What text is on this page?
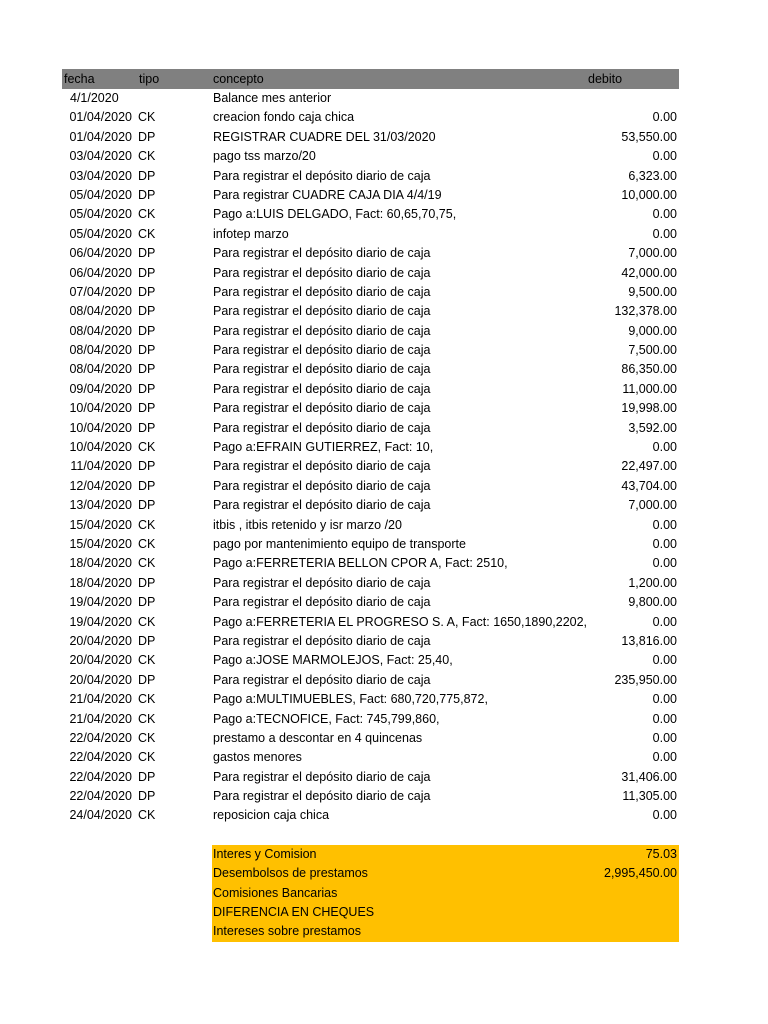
fecha	tipo	concepto	debito
4/1/2020	Balance mes anterior
01/04/2020 CK	creacion fondo caja chica	0.00
01/04/2020 DP	REGISTRAR CUADRE DEL 31/03/2020	53,550.00
03/04/2020 CK	pago tss marzo/20	0.00
03/04/2020 DP	Para registrar el depósito diario de caja	6,323.00
05/04/2020 DP	Para registrar CUADRE CAJA DIA 4/4/19	10,000.00
05/04/2020 CK	Pago a:LUIS DELGADO, Fact: 60,65,70,75,	0.00
05/04/2020 CK	infotep marzo	0.00
06/04/2020 DP	Para registrar el depósito diario de caja	7,000.00
06/04/2020 DP	Para registrar el depósito diario de caja	42,000.00
07/04/2020 DP	Para registrar el depósito diario de caja	9,500.00
08/04/2020 DP	Para registrar el depósito diario de caja	132,378.00
08/04/2020 DP	Para registrar el depósito diario de caja	9,000.00
08/04/2020 DP	Para registrar el depósito diario de caja	7,500.00
08/04/2020 DP	Para registrar el depósito diario de caja	86,350.00
09/04/2020 DP	Para registrar el depósito diario de caja	11,000.00
10/04/2020 DP	Para registrar el depósito diario de caja	19,998.00
10/04/2020 DP	Para registrar el depósito diario de caja	3,592.00
10/04/2020 CK	Pago a:EFRAIN GUTIERREZ, Fact: 10,	0.00
11/04/2020 DP	Para registrar el depósito diario de caja	22,497.00
12/04/2020 DP	Para registrar el depósito diario de caja	43,704.00
13/04/2020 DP	Para registrar el depósito diario de caja	7,000.00
15/04/2020 CK	itbis , itbis retenido y isr marzo /20	0.00
15/04/2020 CK	pago por mantenimiento equipo de transporte	0.00
18/04/2020 CK	Pago a:FERRETERIA BELLON CPOR A, Fact: 2510,	0.00
18/04/2020 DP	Para registrar el depósito diario de caja	1,200.00
19/04/2020 DP	Para registrar el depósito diario de caja	9,800.00
19/04/2020 CK	Pago a:FERRETERIA EL PROGRESO S. A, Fact: 1650,1890,2202,	0.00
20/04/2020 DP	Para registrar el depósito diario de caja	13,816.00
20/04/2020 CK	Pago a:JOSE MARMOLEJOS, Fact: 25,40,	0.00
20/04/2020 DP	Para registrar el depósito diario de caja	235,950.00
21/04/2020 CK	Pago a:MULTIMUEBLES, Fact: 680,720,775,872,	0.00
21/04/2020 CK	Pago a:TECNOFICE, Fact: 745,799,860,	0.00
22/04/2020 CK	prestamo a descontar en 4 quincenas	0.00
22/04/2020 CK	gastos menores	0.00
22/04/2020 DP	Para registrar el depósito diario de caja	31,406.00
22/04/2020 DP	Para registrar el depósito diario de caja	11,305.00
24/04/2020 CK	reposicion caja chica	0.00
Interes y Comision	75.03
Desembolsos de prestamos	2,995,450.00
Comisiones Bancarias
DIFERENCIA EN CHEQUES
Intereses sobre prestamos
